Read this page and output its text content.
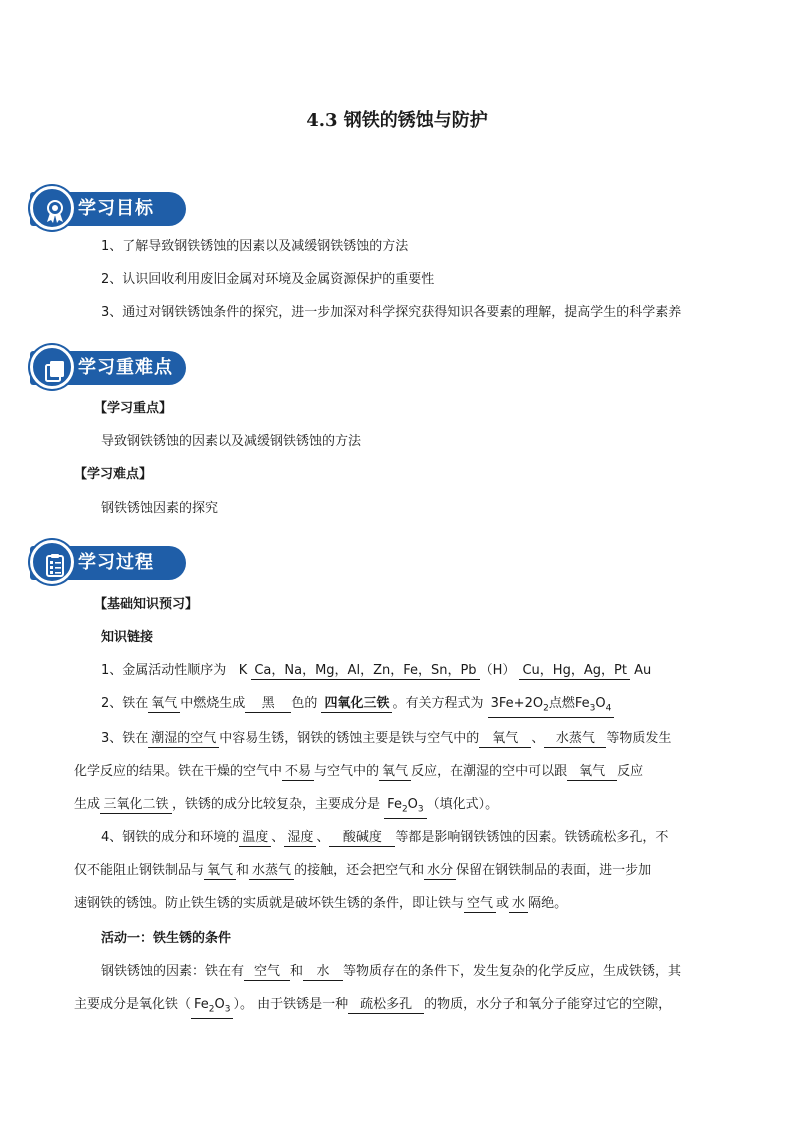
4.3 钢铁的锈蚀与防护
学习目标
1、了解导致钢铁锈蚀的因素以及减缓钢铁锈蚀的方法
2、认识回收利用废旧金属对环境及金属资源保护的重要性
3、通过对钢铁锈蚀条件的探究，进一步加深对科学探究获得知识各要素的理解，提高学生的科学素养
学习重难点
【学习重点】
导致钢铁锈蚀的因素以及减缓钢铁锈蚀的方法
【学习难点】
钢铁锈蚀因素的探究
学习过程
【基础知识预习】
知识链接
1、金属活动性顺序为 K Ca，Na，Mg，Al，Zn，Fe，Sn，Pb （H） Cu，Hg，Ag，Pt Au
2、铁在 氧气 中燃烧生成 黑 色的 四氧化三铁 。有关方程式为 $3Fe+2O_2$点燃$Fe_3O_4$
3、铁在 潮湿的空气 中容易生锈，钢铁的锈蚀主要是铁与空气中的 氧气 、 水蒸气 等物质发生
化学反应的结果。铁在干燥的空气中 不易 与空气中的 氧气 反应，在潮湿的空中可以跟 氧气 反应
生成 三氧化二铁 ，铁锈的成分比较复杂，主要成分是 $Fe_2O_3$ （填化式）。
4、钢铁的成分和环境的 温度 、 湿度 、 酸碱度 等都是影响钢铁锈蚀的因素。铁锈疏松多孔，不
仅不能阻止钢铁制品与 氧气 和 水蒸气 的接触，还会把空气和 水分 保留在钢铁制品的表面，进一步加
速钢铁的锈蚀。防止铁生锈的实质就是破坏铁生锈的条件，即让铁与 空气 或 水 隔绝。
活动一：铁生锈的条件
钢铁锈蚀的因素：铁在有 空气 和 水 等物质存在的条件下，发生复杂的化学反应，生成铁锈，其
主要成分是氧化铁（ $Fe_2O_3$ ）。 由于铁锈是一种 疏松多孔 的物质，水分子和氧分子能穿过它的空隙，
